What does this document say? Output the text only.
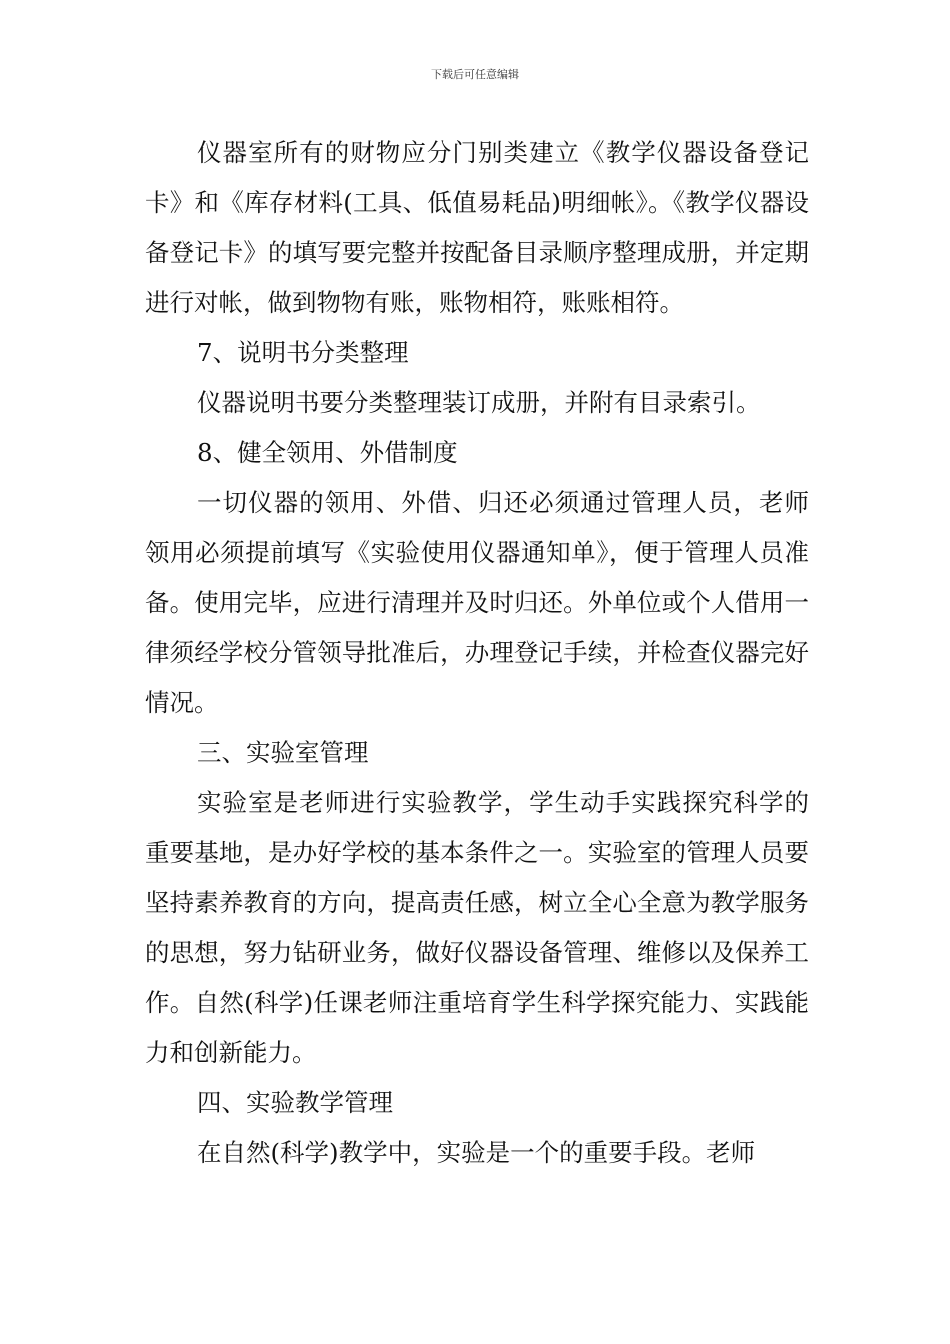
下载后可任意编辑

仪器室所有的财物应分门别类建立《教学仪器设备登记卡》和《库存材料(工具、低值易耗品)明细帐》。《教学仪器设备登记卡》的填写要完整并按配备目录顺序整理成册，并定期进行对帐，做到物物有账，账物相符，账账相符。

7、说明书分类整理

仪器说明书要分类整理装订成册，并附有目录索引。

8、健全领用、外借制度

一切仪器的领用、外借、归还必须通过管理人员，老师领用必须提前填写《实验使用仪器通知单》，便于管理人员准备。使用完毕，应进行清理并及时归还。外单位或个人借用一律须经学校分管领导批准后，办理登记手续，并检查仪器完好情况。

三、实验室管理

实验室是老师进行实验教学，学生动手实践探究科学的重要基地，是办好学校的基本条件之一。实验室的管理人员要坚持素养教育的方向，提高责任感，树立全心全意为教学服务的思想，努力钻研业务，做好仪器设备管理、维修以及保养工作。自然(科学)任课老师注重培育学生科学探究能力、实践能力和创新能力。

四、实验教学管理

在自然(科学)教学中，实验是一个的重要手段。老师
